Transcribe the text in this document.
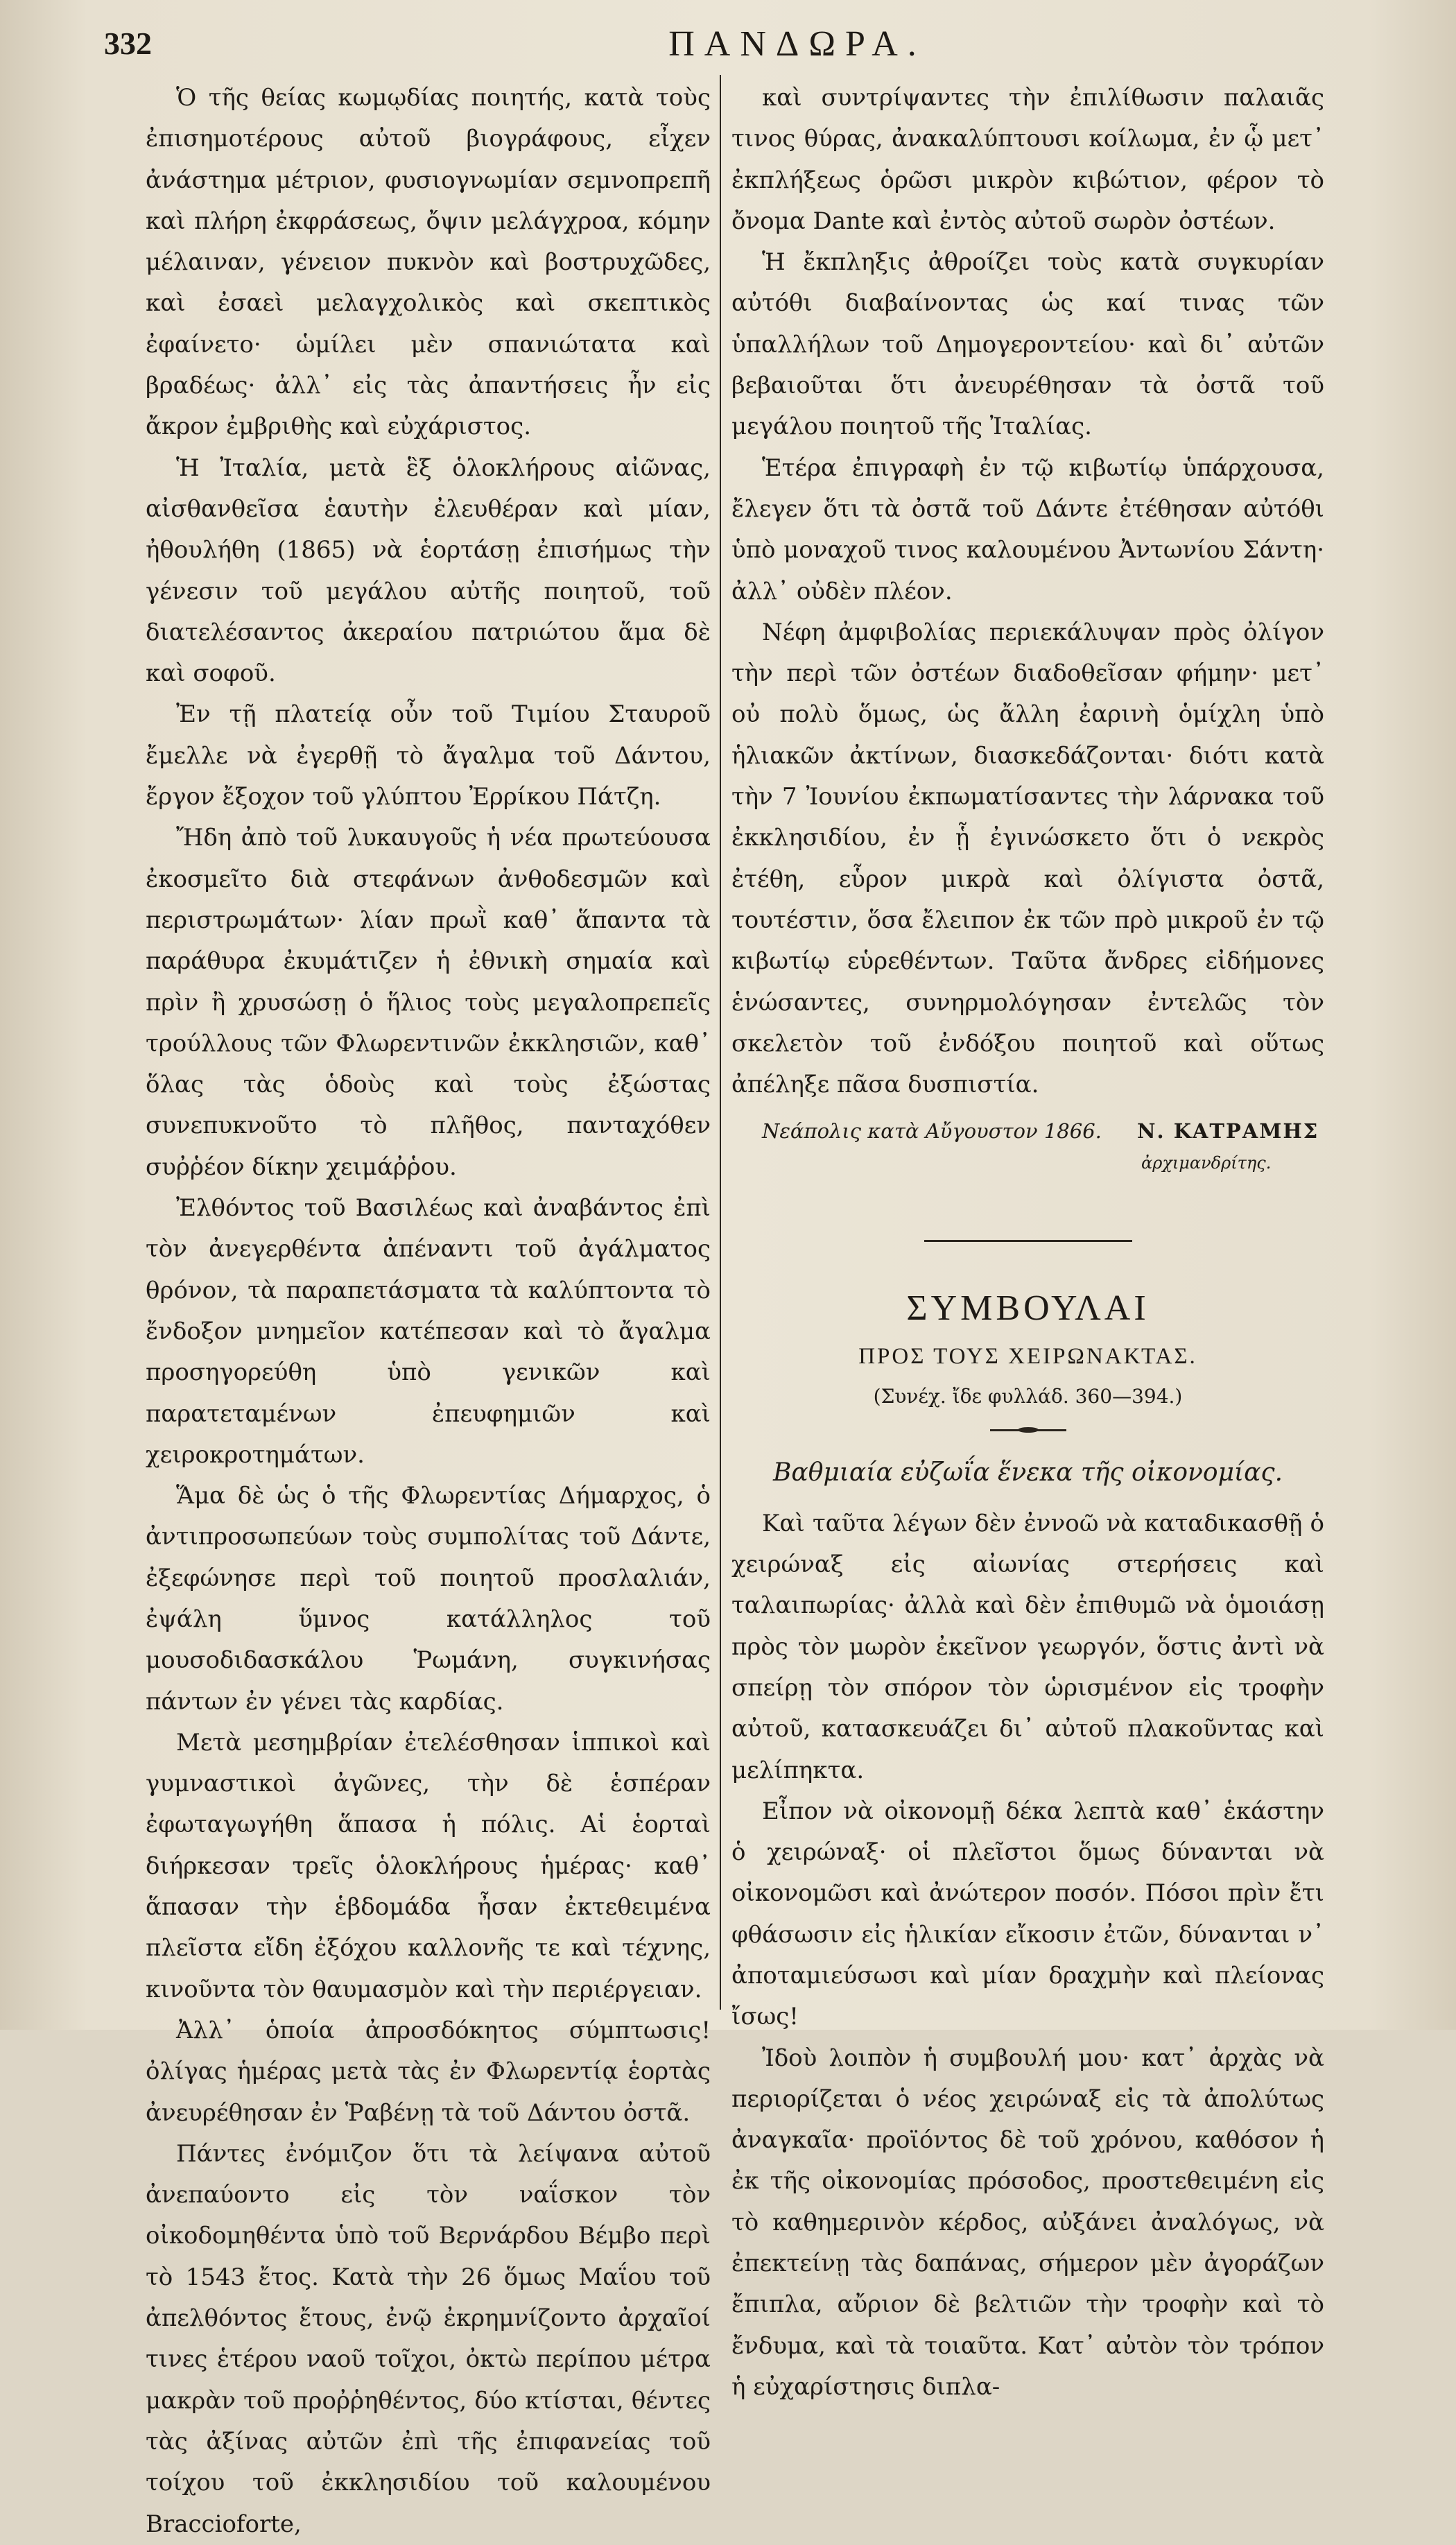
332	ΠΑΝΔΩΡΑ.

Ὁ τῆς θείας κωμῳδίας ποιητής, κατὰ τοὺς ἐπισημοτέρους αὐτοῦ βιογράφους, εἶχεν ἀνάστημα μέτριον, φυσιογνωμίαν σεμνοπρεπῆ καὶ πλήρη ἐκφράσεως, ὄψιν μελάγχροα, κόμην μέλαιναν, γένειον πυκνὸν καὶ βοστρυχῶδες, καὶ ἐσαεὶ μελαγχολικὸς καὶ σκεπτικὸς ἐφαίνετο· ὡμίλει μὲν σπανιώτατα καὶ βραδέως· ἀλλ᾽ εἰς τὰς ἀπαντήσεις ἦν εἰς ἄκρον ἐμβριθὴς καὶ εὐχάριστος.

Ἡ Ἰταλία, μετὰ ἓξ ὁλοκλήρους αἰῶνας, αἰσθανθεῖσα ἑαυτὴν ἐλευθέραν καὶ μίαν, ἠθουλήθη (1865) νὰ ἑορτάσῃ ἐπισήμως τὴν γένεσιν τοῦ μεγάλου αὐτῆς ποιητοῦ, τοῦ διατελέσαντος ἀκεραίου πατριώτου ἅμα δὲ καὶ σοφοῦ.

Ἐν τῇ πλατείᾳ οὖν τοῦ Τιμίου Σταυροῦ ἔμελλε νὰ ἐγερθῇ τὸ ἄγαλμα τοῦ Δάντου, ἔργον ἔξοχον τοῦ γλύπτου Ἐρρίκου Πάτζη.

Ἤδη ἀπὸ τοῦ λυκαυγοῦς ἡ νέα πρωτεύουσα ἐκοσμεῖτο διὰ στεφάνων ἀνθοδεσμῶν καὶ περιστρωμάτων· λίαν πρωῒ καθ᾽ ἅπαντα τὰ παράθυρα ἐκυμάτιζεν ἡ ἐθνικὴ σημαία καὶ πρὶν ἢ χρυσώσῃ ὁ ἥλιος τοὺς μεγαλοπρεπεῖς τρούλλους τῶν Φλωρεντινῶν ἐκκλησιῶν, καθ᾽ ὅλας τὰς ὁδοὺς καὶ τοὺς ἐξώστας συνεπυκνοῦτο τὸ πλῆθος, πανταχόθεν συῤῥέον δίκην χειμάῤῥου.

Ἐλθόντος τοῦ Βασιλέως καὶ ἀναβάντος ἐπὶ τὸν ἀνεγερθέντα ἀπέναντι τοῦ ἀγάλματος θρόνον, τὰ παραπετάσματα τὰ καλύπτοντα τὸ ἔνδοξον μνημεῖον κατέπεσαν καὶ τὸ ἄγαλμα προσηγορεύθη ὑπὸ γενικῶν καὶ παρατεταμένων ἐπευφημιῶν καὶ χειροκροτημάτων.

Ἅμα δὲ ὡς ὁ τῆς Φλωρεντίας Δήμαρχος, ὁ ἀντιπροσωπεύων τοὺς συμπολίτας τοῦ Δάντε, ἐξεφώνησε περὶ τοῦ ποιητοῦ προσλαλιάν, ἐψάλη ὕμνος κατάλληλος τοῦ μουσοδιδασκάλου Ῥωμάνη, συγκινήσας πάντων ἐν γένει τὰς καρδίας.

Μετὰ μεσημβρίαν ἐτελέσθησαν ἱππικοὶ καὶ γυμναστικοὶ ἀγῶνες, τὴν δὲ ἑσπέραν ἐφωταγωγήθη ἅπασα ἡ πόλις. Αἱ ἑορταὶ διήρκεσαν τρεῖς ὁλοκλήρους ἡμέρας· καθ᾽ ἅπασαν τὴν ἑβδομάδα ἦσαν ἐκτεθειμένα πλεῖστα εἴδη ἐξόχου καλλονῆς τε καὶ τέχνης, κινοῦντα τὸν θαυμασμὸν καὶ τὴν περιέργειαν.

Ἀλλ᾽ ὁποία ἀπροσδόκητος σύμπτωσις! ὀλίγας ἡμέρας μετὰ τὰς ἐν Φλωρεντίᾳ ἑορτὰς ἀνευρέθησαν ἐν Ῥαβένῃ τὰ τοῦ Δάντου ὀστᾶ.

Πάντες ἐνόμιζον ὅτι τὰ λείψανα αὐτοῦ ἀνεπαύοντο εἰς τὸν ναΐσκον τὸν οἰκοδομηθέντα ὑπὸ τοῦ Βερνάρδου Βέμβο περὶ τὸ 1543 ἔτος. Κατὰ τὴν 26 ὅμως Μαΐου τοῦ ἀπελθόντος ἔτους, ἐνῷ ἐκρημνίζοντο ἀρχαῖοί τινες ἑτέρου ναοῦ τοῖχοι, ὀκτὼ περίπου μέτρα μακρὰν τοῦ προῤῥηθέντος, δύο κτίσται, θέντες τὰς ἀξίνας αὐτῶν ἐπὶ τῆς ἐπιφανείας τοῦ τοίχου τοῦ ἐκκλησιδίου τοῦ καλουμένου Braccioforte,

καὶ συντρίψαντες τὴν ἐπιλίθωσιν παλαιᾶς τινος θύρας, ἀνακαλύπτουσι κοίλωμα, ἐν ᾧ μετ᾽ ἐκπλήξεως ὁρῶσι μικρὸν κιβώτιον, φέρον τὸ ὄνομα Dante καὶ ἐντὸς αὐτοῦ σωρὸν ὀστέων.

Ἡ ἔκπληξις ἀθροίζει τοὺς κατὰ συγκυρίαν αὐτόθι διαβαίνοντας ὡς καί τινας τῶν ὑπαλλήλων τοῦ Δημογεροντείου· καὶ δι᾽ αὐτῶν βεβαιοῦται ὅτι ἀνευρέθησαν τὰ ὀστᾶ τοῦ μεγάλου ποιητοῦ τῆς Ἰταλίας.

Ἑτέρα ἐπιγραφὴ ἐν τῷ κιβωτίῳ ὑπάρχουσα, ἔλεγεν ὅτι τὰ ὀστᾶ τοῦ Δάντε ἐτέθησαν αὐτόθι ὑπὸ μοναχοῦ τινος καλουμένου Ἀντωνίου Σάντη· ἀλλ᾽ οὐδὲν πλέον.

Νέφη ἀμφιβολίας περιεκάλυψαν πρὸς ὀλίγον τὴν περὶ τῶν ὀστέων διαδοθεῖσαν φήμην· μετ᾽ οὐ πολὺ ὅμως, ὡς ἄλλη ἐαρινὴ ὁμίχλη ὑπὸ ἡλιακῶν ἀκτίνων, διασκεδάζονται· διότι κατὰ τὴν 7 Ἰουνίου ἐκπωματίσαντες τὴν λάρνακα τοῦ ἐκκλησιδίου, ἐν ᾗ ἐγινώσκετο ὅτι ὁ νεκρὸς ἐτέθη, εὗρον μικρὰ καὶ ὀλίγιστα ὀστᾶ, τουτέστιν, ὅσα ἔλειπον ἐκ τῶν πρὸ μικροῦ ἐν τῷ κιβωτίῳ εὑρεθέντων. Ταῦτα ἄνδρες εἰδήμονες ἑνώσαντες, συνηρμολόγησαν ἐντελῶς τὸν σκελετὸν τοῦ ἐνδόξου ποιητοῦ καὶ οὕτως ἀπέληξε πᾶσα δυσπιστία.

Νεάπολις κατὰ Αὔγουστον 1866. Ν. ΚΑΤΡΑΜΗΣ
ἀρχιμανδρίτης.
ΣΥΜΒΟΥΛΑΙ
ΠΡΟΣ ΤΟΥΣ ΧΕΙΡΩΝΑΚΤΑΣ.
(Συνέχ. ἴδε φυλλάδ. 360—394.)
Βαθμιαία εὐζωΐα ἕνεκα τῆς οἰκονομίας.

Καὶ ταῦτα λέγων δὲν ἐννοῶ νὰ καταδικασθῇ ὁ χειρώναξ εἰς αἰωνίας στερήσεις καὶ ταλαιπωρίας· ἀλλὰ καὶ δὲν ἐπιθυμῶ νὰ ὁμοιάσῃ πρὸς τὸν μωρὸν ἐκεῖνον γεωργόν, ὅστις ἀντὶ νὰ σπείρῃ τὸν σπόρον τὸν ὡρισμένον εἰς τροφὴν αὐτοῦ, κατασκευάζει δι᾽ αὐτοῦ πλακοῦντας καὶ μελίπηκτα.

Εἶπον νὰ οἰκονομῇ δέκα λεπτὰ καθ᾽ ἑκάστην ὁ χειρώναξ· οἱ πλεῖστοι ὅμως δύνανται νὰ οἰκονομῶσι καὶ ἀνώτερον ποσόν. Πόσοι πρὶν ἔτι φθάσωσιν εἰς ἡλικίαν εἴκοσιν ἐτῶν, δύνανται ν᾽ ἀποταμιεύσωσι καὶ μίαν δραχμὴν καὶ πλείονας ἴσως!

Ἰδοὺ λοιπὸν ἡ συμβουλή μου· κατ᾽ ἀρχὰς νὰ περιορίζεται ὁ νέος χειρώναξ εἰς τὰ ἀπολύτως ἀναγκαῖα· προϊόντος δὲ τοῦ χρόνου, καθόσον ἡ ἐκ τῆς οἰκονομίας πρόσοδος, προστεθειμένη εἰς τὸ καθημερινὸν κέρδος, αὐξάνει ἀναλόγως, νὰ ἐπεκτείνῃ τὰς δαπάνας, σήμερον μὲν ἀγοράζων ἔπιπλα, αὔριον δὲ βελτιῶν τὴν τροφὴν καὶ τὸ ἔνδυμα, καὶ τὰ τοιαῦτα. Κατ᾽ αὐτὸν τὸν τρόπον ἡ εὐχαρίστησις διπλα-
